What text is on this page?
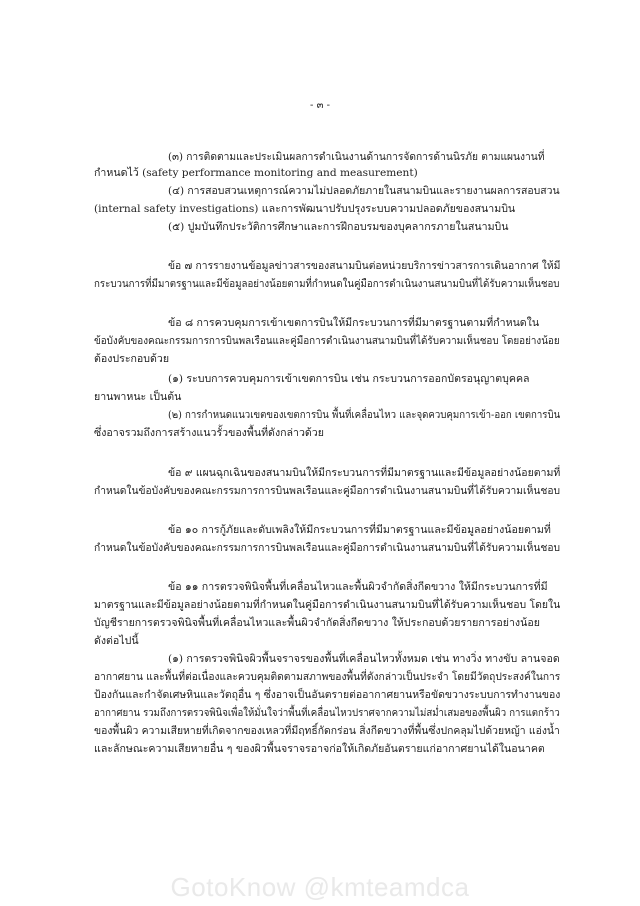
- ๓ -
(๓) การติดตามและประเมินผลการดำเนินงานด้านการจัดการด้านนิรภัย ตามแผนงานที่
กำหนดไว้ (safety performance monitoring and measurement)
(๔) การสอบสวนเหตุการณ์ความไม่ปลอดภัยภายในสนามบินและรายงานผลการสอบสวน
(internal safety investigations) และการพัฒนาปรับปรุงระบบความปลอดภัยของสนามบิน
(๕) ปูมบันทึกประวัติการศึกษาและการฝึกอบรมของบุคลากรภายในสนามบิน
ข้อ ๗ การรายงานข้อมูลข่าวสารของสนามบินต่อหน่วยบริการข่าวสารการเดินอากาศ ให้มี
กระบวนการที่มีมาตรฐานและมีข้อมูลอย่างน้อยตามที่กำหนดในคู่มือการดำเนินงานสนามบินที่ได้รับความเห็นชอบ
ข้อ ๘ การควบคุมการเข้าเขตการบินให้มีกระบวนการที่มีมาตรฐานตามที่กำหนดใน
ข้อบังคับของคณะกรรมการการบินพลเรือนและคู่มือการดำเนินงานสนามบินที่ได้รับความเห็นชอบ โดยอย่างน้อย
ต้องประกอบด้วย
(๑) ระบบการควบคุมการเข้าเขตการบิน เช่น กระบวนการออกบัตรอนุญาตบุคคล
ยานพาหนะ เป็นต้น
(๒) การกำหนดแนวเขตของเขตการบิน พื้นที่เคลื่อนไหว และจุดควบคุมการเข้า-ออก เขตการบิน
ซึ่งอาจรวมถึงการสร้างแนวรั้วของพื้นที่ดังกล่าวด้วย
ข้อ ๙ แผนฉุกเฉินของสนามบินให้มีกระบวนการที่มีมาตรฐานและมีข้อมูลอย่างน้อยตามที่
กำหนดในข้อบังคับของคณะกรรมการการบินพลเรือนและคู่มือการดำเนินงานสนามบินที่ได้รับความเห็นชอบ
ข้อ ๑๐ การกู้ภัยและดับเพลิงให้มีกระบวนการที่มีมาตรฐานและมีข้อมูลอย่างน้อยตามที่
กำหนดในข้อบังคับของคณะกรรมการการบินพลเรือนและคู่มือการดำเนินงานสนามบินที่ได้รับความเห็นชอบ
ข้อ ๑๑ การตรวจพินิจพื้นที่เคลื่อนไหวและพื้นผิวจำกัดสิ่งกีดขวาง ให้มีกระบวนการที่มี
มาตรฐานและมีข้อมูลอย่างน้อยตามที่กำหนดในคู่มือการดำเนินงานสนามบินที่ได้รับความเห็นชอบ โดยใน
บัญชีรายการตรวจพินิจพื้นที่เคลื่อนไหวและพื้นผิวจำกัดสิ่งกีดขวาง ให้ประกอบด้วยรายการอย่างน้อย
ดังต่อไปนี้
(๑) การตรวจพินิจผิวพื้นจราจรของพื้นที่เคลื่อนไหวทั้งหมด เช่น ทางวิ่ง ทางขับ ลานจอด
อากาศยาน และพื้นที่ต่อเนื่องและควบคุมติดตามสภาพของพื้นที่ดังกล่าวเป็นประจำ โดยมีวัตถุประสงค์ในการ
ป้องกันและกำจัดเศษหินและวัตถุอื่น ๆ ซึ่งอาจเป็นอันตรายต่ออากาศยานหรือขัดขวางระบบการทำงานของ
อากาศยาน รวมถึงการตรวจพินิจเพื่อให้มั่นใจว่าพื้นที่เคลื่อนไหวปราศจากความไม่สม่ำเสมอของพื้นผิว การแตกร้าว
ของพื้นผิว ความเสียหายที่เกิดจากของเหลวที่มีฤทธิ์กัดกร่อน สิ่งกีดขวางที่พื้นซึ่งปกคลุมไปด้วยหญ้า แอ่งน้ำ
และลักษณะความเสียหายอื่น ๆ ของผิวพื้นจราจรอาจก่อให้เกิดภัยอันตรายแก่อากาศยานได้ในอนาคต
GotoKnow @kmteamdca
